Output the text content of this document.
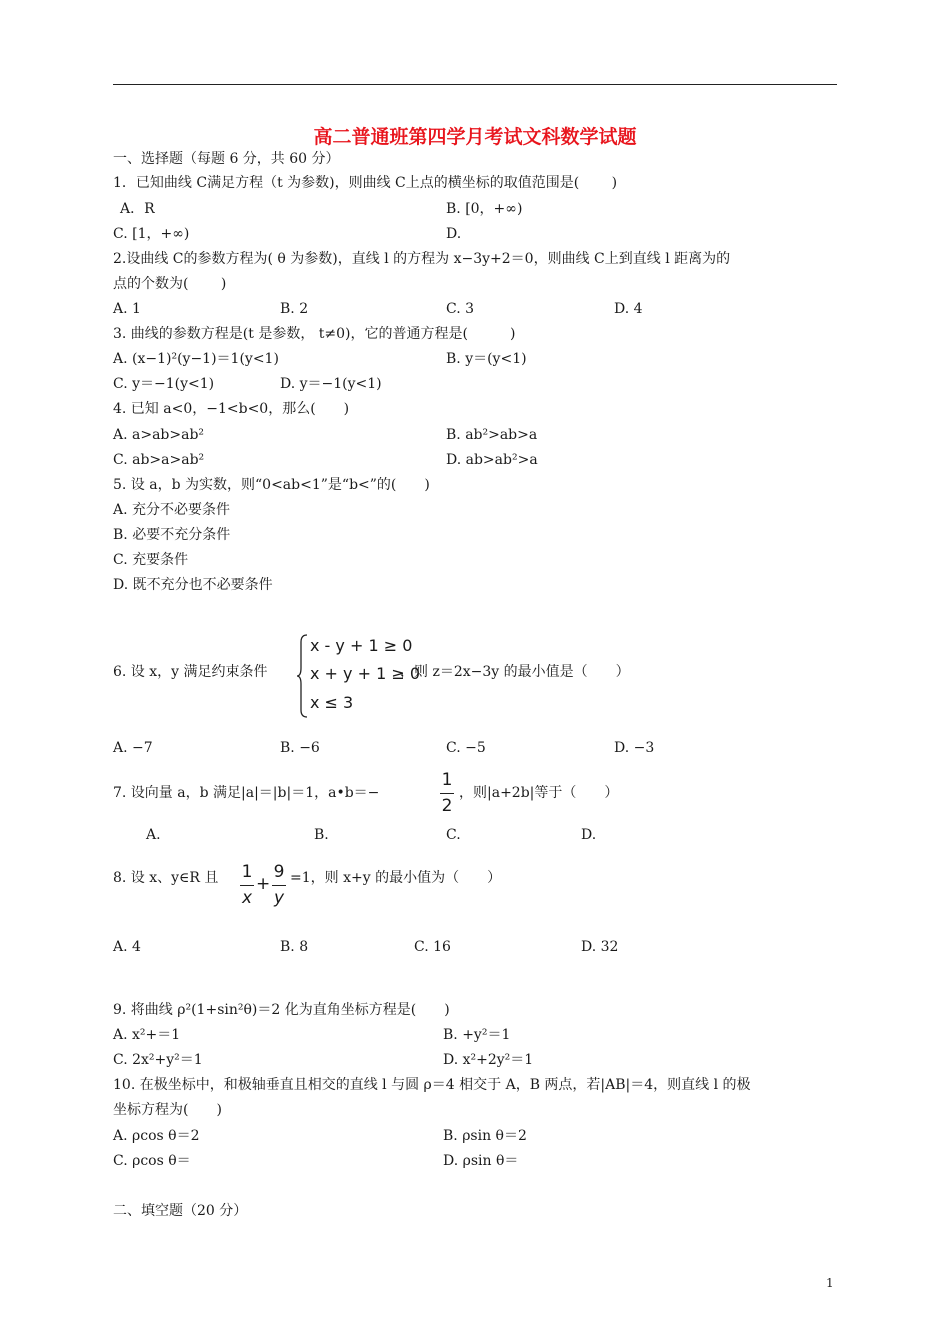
高二普通班第四学月考试文科数学试题
一、选择题（每题 6 分，共 60 分）
1．已知曲线 C满足方程（t 为参数)，则曲线 C上点的横坐标的取值范围是(　　 )
A．R	B. [0，+∞)
C. [1，+∞)	D.
2.设曲线 C的参数方程为( θ 为参数)，直线 l 的方程为 x−3y+2＝0，则曲线 C上到直线 l 距离为的
点的个数为(　　 )
A. 1	B. 2	C. 3	D. 4
3. 曲线的参数方程是(t 是参数， t≠0)，它的普通方程是(　　　)
A. (x−1)²(y−1)＝1(y<1)	B. y＝(y<1)
C. y＝−1(y<1)	D. y＝−1(y<1)
4. 已知 a<0，−1<b<0，那么(　　)
A. a>ab>ab²	B. ab²>ab>a
C. ab>a>ab²	D. ab>ab²>a
5. 设 a，b 为实数，则“0<ab<1”是“b<”的(　　)
A. 充分不必要条件
B. 必要不充分条件
C. 充要条件
D. 既不充分也不必要条件
6. 设 x，y 满足约束条件
x - y + 1 ≥ 0
x + y + 1 ≥ 0
x ≤ 3
，则 z＝2x−3y 的最小值是（　　）
A. −7	B. −6	C. −5	D. −3
7. 设向量 a，b 满足|a|＝|b|＝1，a•b＝−
1
2
，则|a+2b|等于（　　）
A.	B.	C.	D.
8. 设 x、y∈R 且 1
x
+
9
y
=1，则 x+y 的最小值为（　　）
A. 4	B. 8	C. 16	D. 32
9. 将曲线 ρ²(1+sin²θ)＝2 化为直角坐标方程是(　　)
A. x²+＝1	B. +y²＝1
C. 2x²+y²＝1	D. x²+2y²＝1
10. 在极坐标中，和极轴垂直且相交的直线 l 与圆 ρ＝4 相交于 A，B 两点，若|AB|＝4，则直线 l 的极
坐标方程为(　　)
A. ρcos θ＝2	B. ρsin θ＝2
C. ρcos θ＝	D. ρsin θ＝
二、填空题（20 分）
1
